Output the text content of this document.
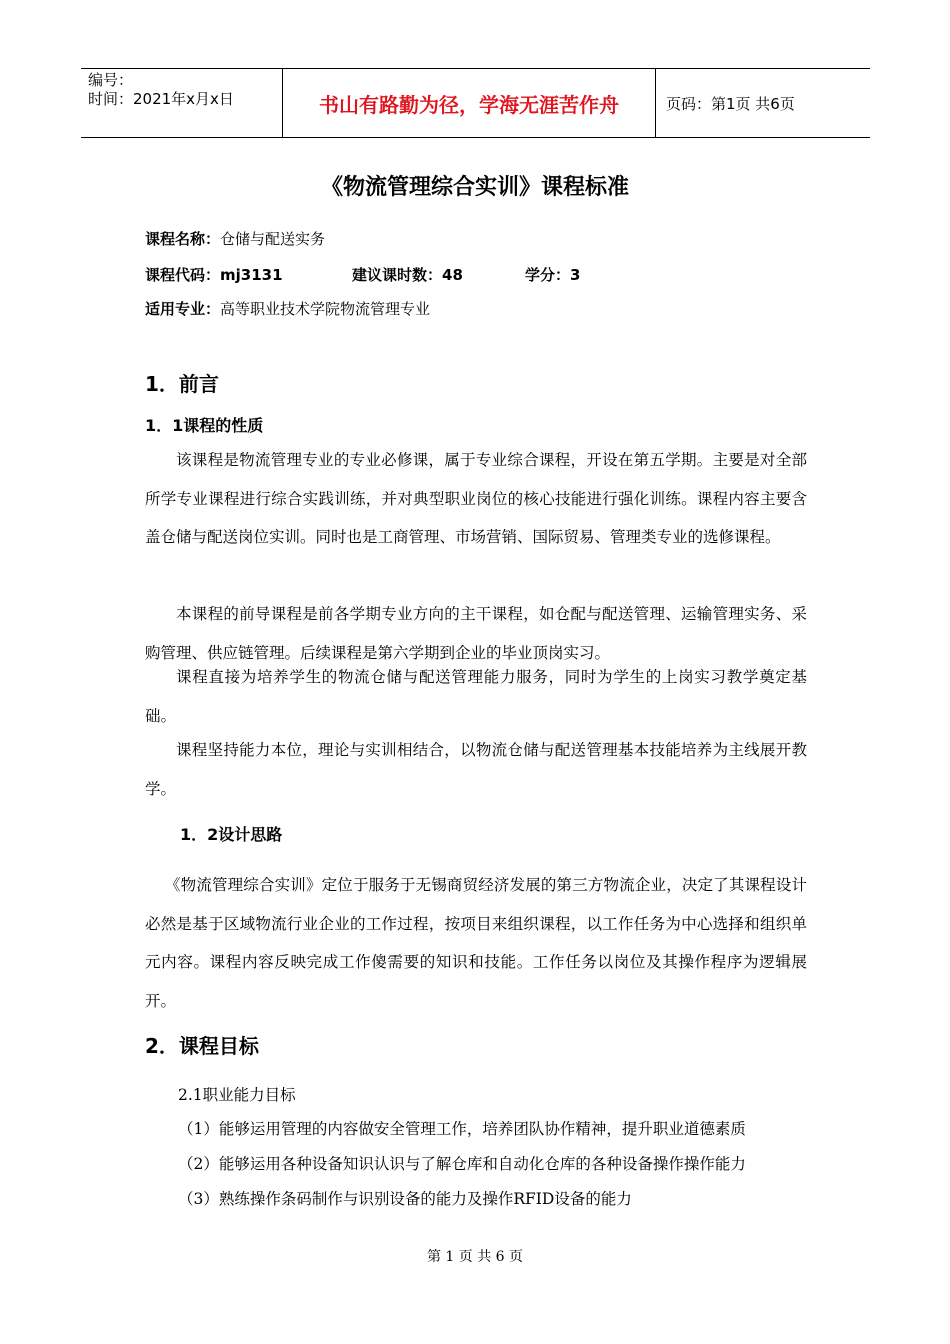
编号：
时间：2021年x月x日	书山有路勤为径，学海无涯苦作舟	页码：第1页 共6页
《物流管理综合实训》课程标准
课程名称：仓储与配送实务
课程代码：mj3131	建议课时数：48	学分：3
适用专业：高等职业技术学院物流管理专业
1．前言
1．1课程的性质

该课程是物流管理专业的专业必修课，属于专业综合课程，开设在第五学期。主要是对全部所学专业课程进行综合实践训练，并对典型职业岗位的核心技能进行强化训练。课程内容主要含盖仓储与配送岗位实训。同时也是工商管理、市场营销、国际贸易、管理类专业的选修课程。

本课程的前导课程是前各学期专业方向的主干课程，如仓配与配送管理、运输管理实务、采购管理、供应链管理。后续课程是第六学期到企业的毕业顶岗实习。

课程直接为培养学生的物流仓储与配送管理能力服务，同时为学生的上岗实习教学奠定基础。

课程坚持能力本位，理论与实训相结合，以物流仓储与配送管理基本技能培养为主线展开教学。

1．2设计思路

《物流管理综合实训》定位于服务于无锡商贸经济发展的第三方物流企业，决定了其课程设计必然是基于区域物流行业企业的工作过程，按项目来组织课程，以工作任务为中心选择和组织单元内容。课程内容反映完成工作傻需要的知识和技能。工作任务以岗位及其操作程序为逻辑展开。

2．课程目标
2.1职业能力目标
（1）能够运用管理的内容做安全管理工作，培养团队协作精神，提升职业道德素质
（2）能够运用各种设备知识认识与了解仓库和自动化仓库的各种设备操作操作能力
（3）熟练操作条码制作与识别设备的能力及操作RFID设备的能力
第 1 页 共 6 页
